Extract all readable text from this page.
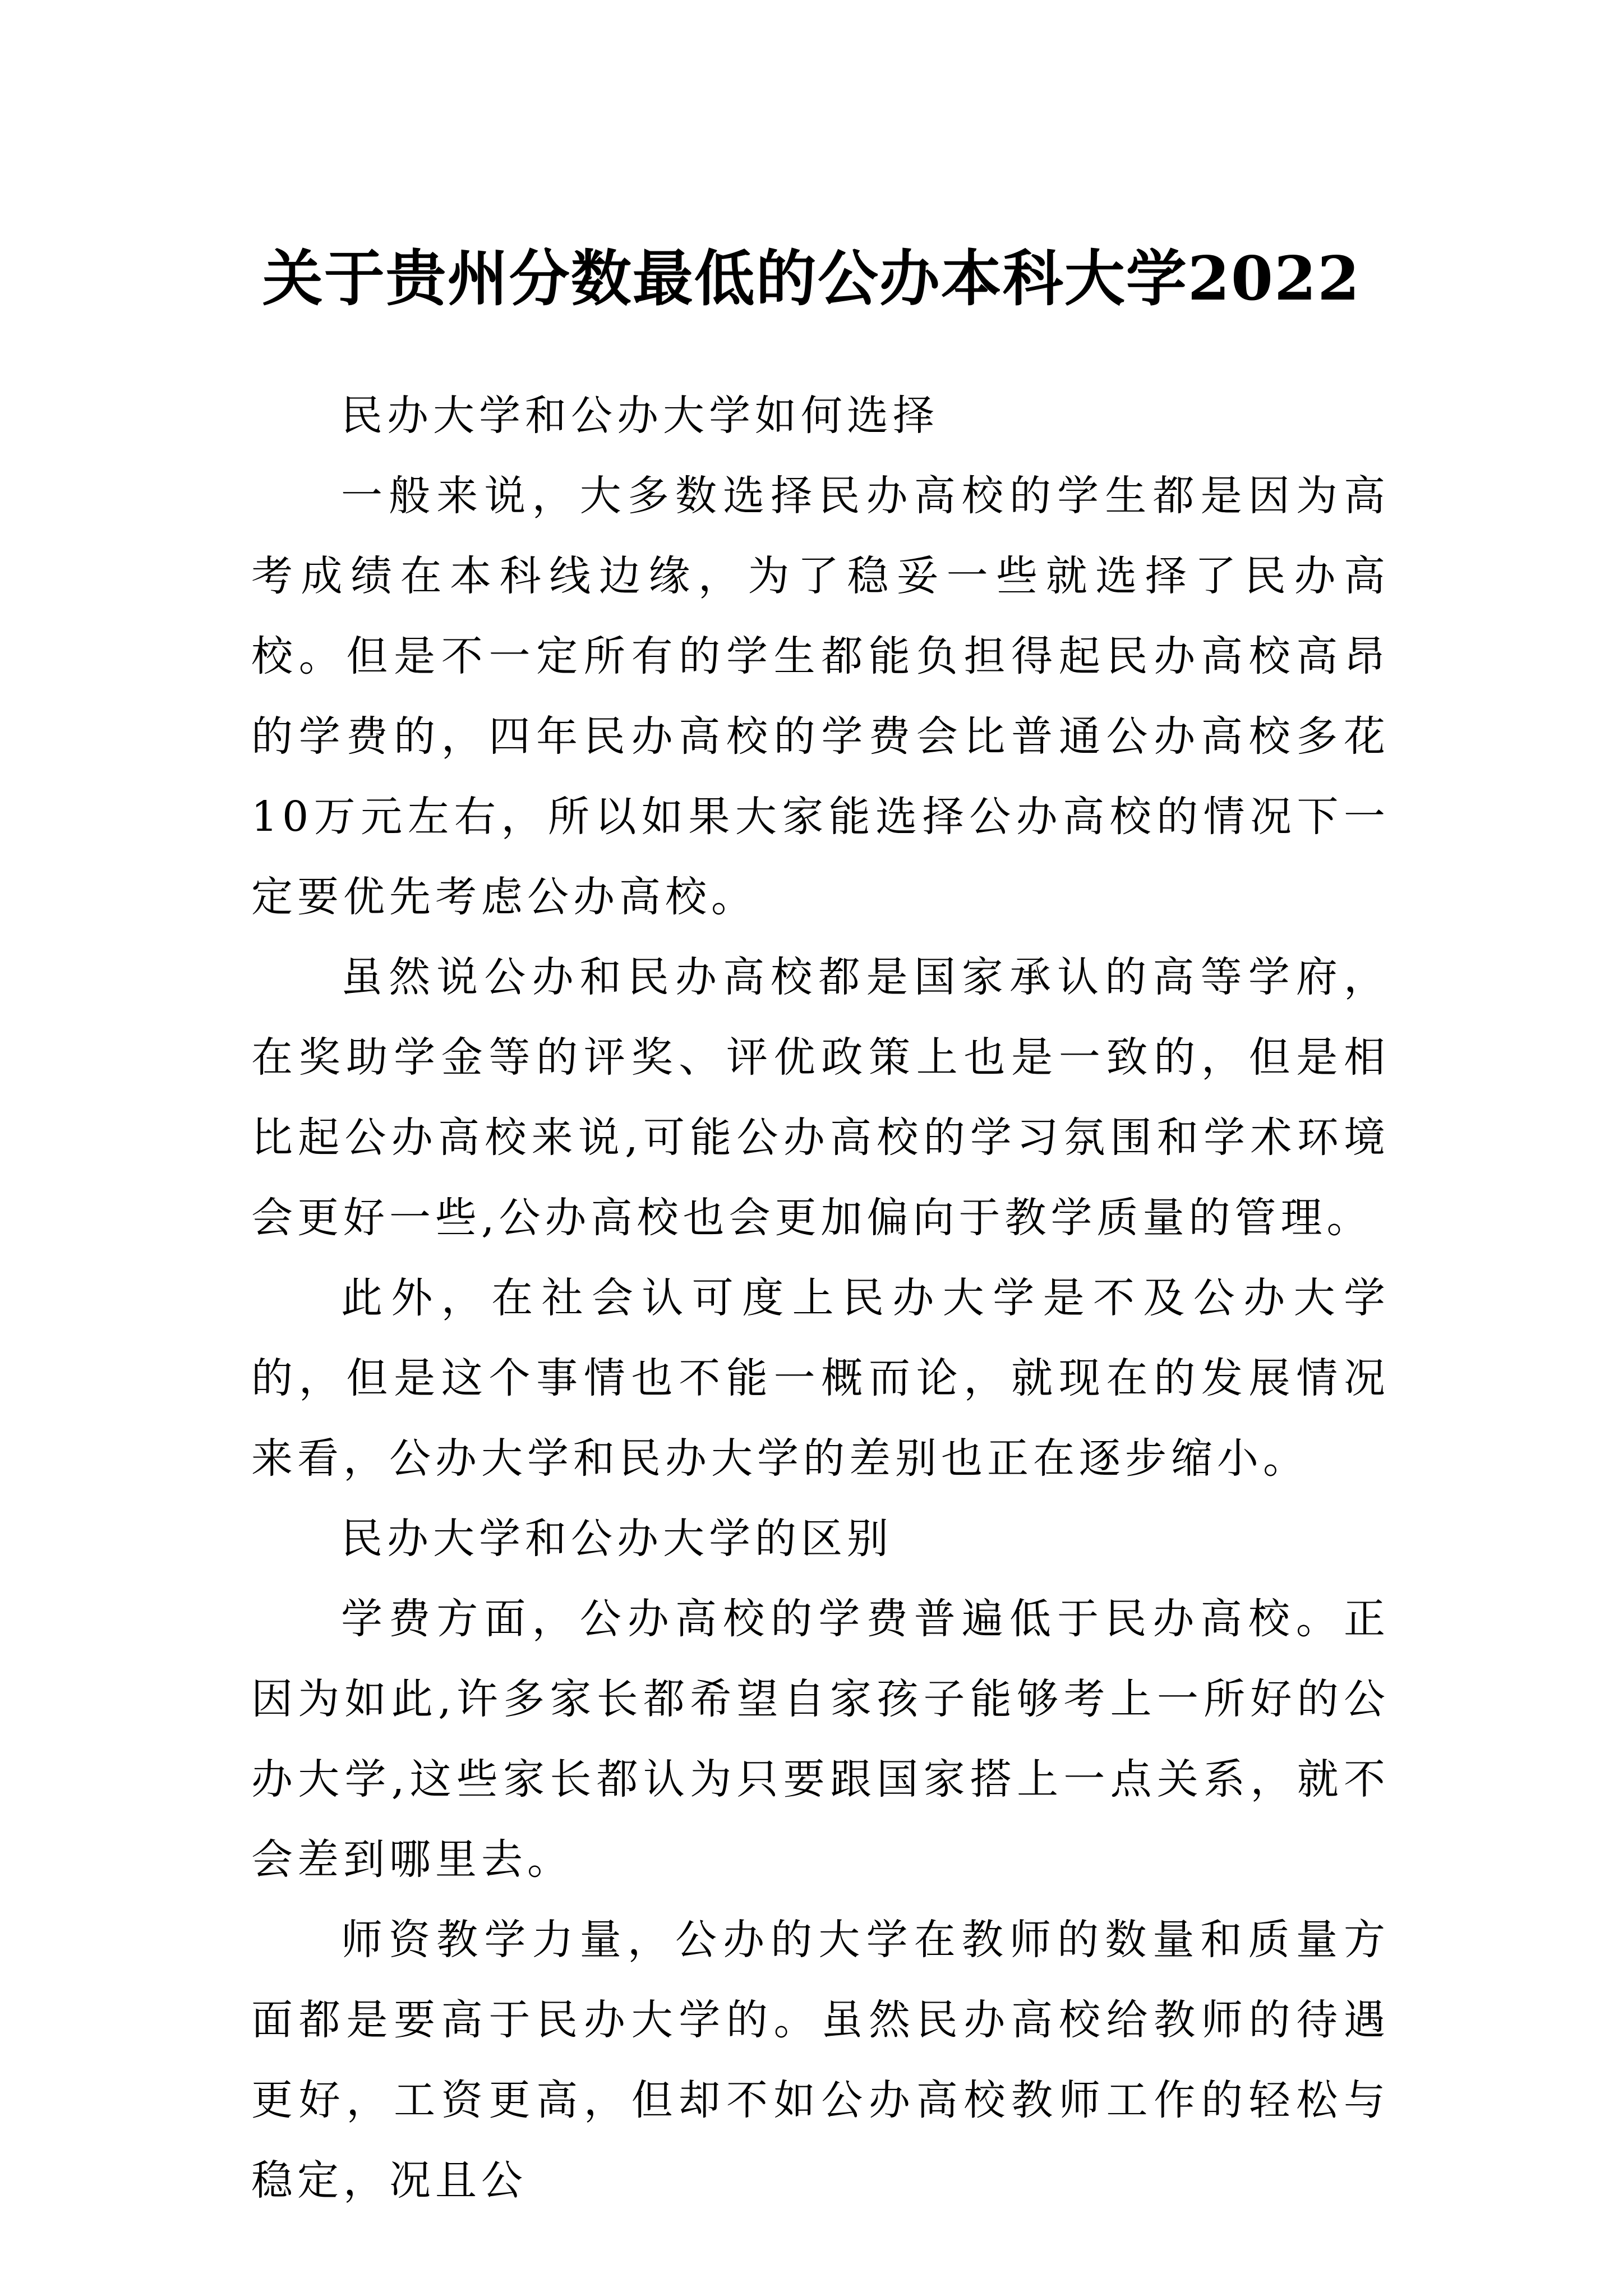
关于贵州分数最低的公办本科大学2022

民办大学和公办大学如何选择

一般来说，大多数选择民办高校的学生都是因为高考成绩在本科线边缘，为了稳妥一些就选择了民办高校。但是不一定所有的学生都能负担得起民办高校高昂的学费的，四年民办高校的学费会比普通公办高校多花10万元左右，所以如果大家能选择公办高校的情况下一定要优先考虑公办高校。

虽然说公办和民办高校都是国家承认的高等学府，在奖助学金等的评奖、评优政策上也是一致的，但是相比起公办高校来说,可能公办高校的学习氛围和学术环境会更好一些,公办高校也会更加偏向于教学质量的管理。

此外，在社会认可度上民办大学是不及公办大学的，但是这个事情也不能一概而论，就现在的发展情况来看，公办大学和民办大学的差别也正在逐步缩小。

民办大学和公办大学的区别

学费方面，公办高校的学费普遍低于民办高校。正因为如此,许多家长都希望自家孩子能够考上一所好的公办大学,这些家长都认为只要跟国家搭上一点关系，就不会差到哪里去。

师资教学力量，公办的大学在教师的数量和质量方面都是要高于民办大学的。虽然民办高校给教师的待遇更好，工资更高，但却不如公办高校教师工作的轻松与稳定，况且公
